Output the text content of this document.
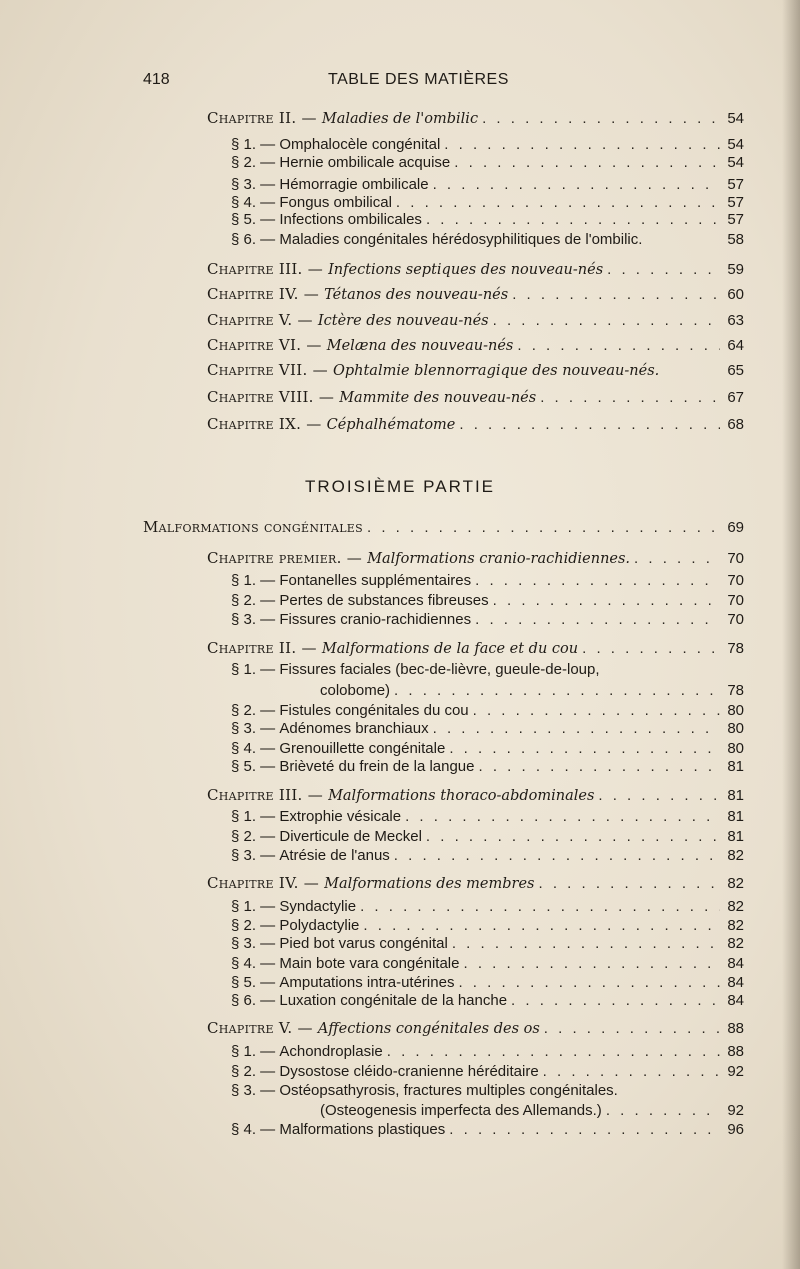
418	TABLE DES MATIÈRES
Chapitre II. — Maladies de l'ombilic . . .	54
§ 1. — Omphalocèle congénital . . .	54
§ 2. — Hernie ombilicale acquise . . .	54
§ 3. — Hémorragie ombilicale . . .	57
§ 4. — Fongus ombilical . . .	57
§ 5. — Infections ombilicales . . .	57
§ 6. — Maladies congénitales hérédosyphilitiques de l'ombilic.	58
Chapitre III. — Infections septiques des nouveau-nés . . .	59
Chapitre IV. — Tétanos des nouveau-nés . . .	60
Chapitre V. — Ictère des nouveau-nés . . .	63
Chapitre VI. — Melæna des nouveau-nés . . .	64
Chapitre VII. — Ophtalmie blennorragique des nouveau-nés.	65
Chapitre VIII. — Mammite des nouveau-nés . . .	67
Chapitre IX. — Céphalhématome . . .	68
TROISIÈME PARTIE
Malformations congénitales . . .	69
Chapitre premier. — Malformations cranio-rachidiennes. . . .	70
§ 1. — Fontanelles supplémentaires . . .	70
§ 2. — Pertes de substances fibreuses . . .	70
§ 3. — Fissures cranio-rachidiennes . . .	70
Chapitre II. — Malformations de la face et du cou . . .	78
§ 1. — Fissures faciales (bec-de-lièvre, gueule-de-loup,
colobome) . . .	78
§ 2. — Fistules congénitales du cou . . .	80
§ 3. — Adénomes branchiaux . . .	80
§ 4. — Grenouillette congénitale . . .	80
§ 5. — Brièveté du frein de la langue . . .	81
Chapitre III. — Malformations thoraco-abdominales . . .	81
§ 1. — Extrophie vésicale . . .	81
§ 2. — Diverticule de Meckel . . .	81
§ 3. — Atrésie de l'anus . . .	82
Chapitre IV. — Malformations des membres . . .	82
§ 1. — Syndactylie . . .	82
§ 2. — Polydactylie . . .	82
§ 3. — Pied bot varus congénital . . .	82
§ 4. — Main bote vara congénitale . . .	84
§ 5. — Amputations intra-utérines . . .	84
§ 6. — Luxation congénitale de la hanche . . .	84
Chapitre V. — Affections congénitales des os . . .	88
§ 1. — Achondroplasie . . .	88
§ 2. — Dysostose cléido-cranienne héréditaire . . .	92
§ 3. — Ostéopsathyrosis, fractures multiples congénitales.
(Osteogenesis imperfecta des Allemands.) . . .	92
§ 4. — Malformations plastiques . . .	96
